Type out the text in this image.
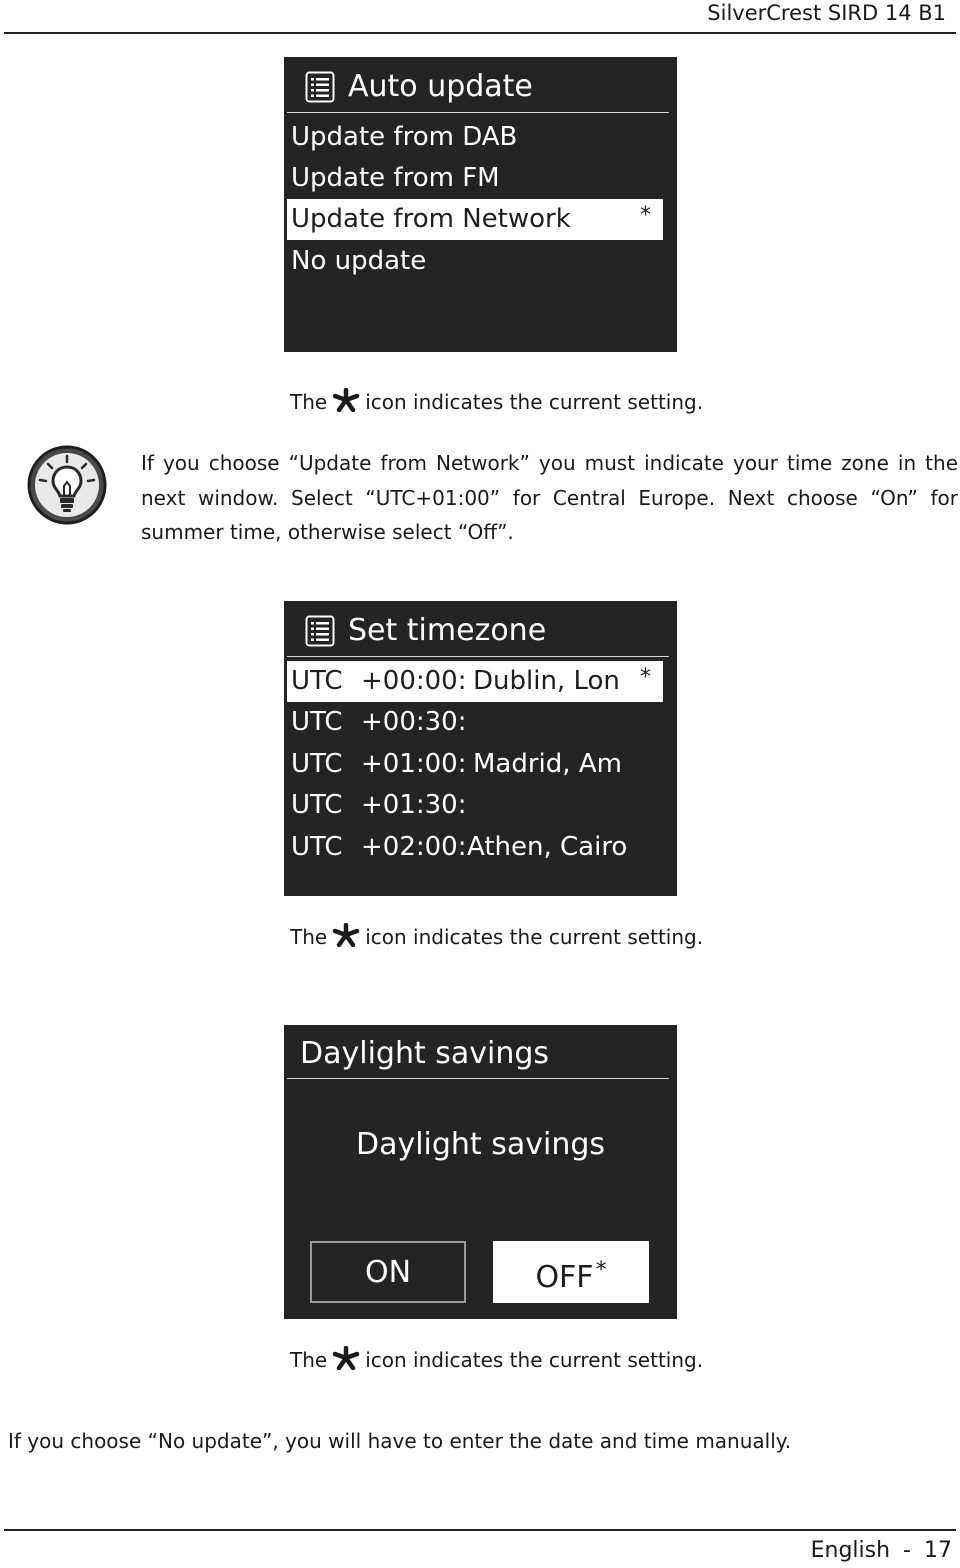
SilverCrest SIRD 14 B1
Auto update
Update from DAB
Update from FM
Update from Network	*
No update
The icon indicates the current setting.
If you choose “Update from Network” you must indicate your time zone in the next window. Select “UTC+01:00” for Central Europe. Next choose “On” for summer time, otherwise select “Off”.
Set timezone
UTC +00:00: Dublin, Lon *
UTC +00:30:
UTC +01:00: Madrid, Am
UTC +01:30:
UTC +02:00: Athen, Cairo
The icon indicates the current setting.
Daylight savings
Daylight savings
ON	OFF*
The icon indicates the current setting.
If you choose “No update”, you will have to enter the date and time manually.
English - 17
